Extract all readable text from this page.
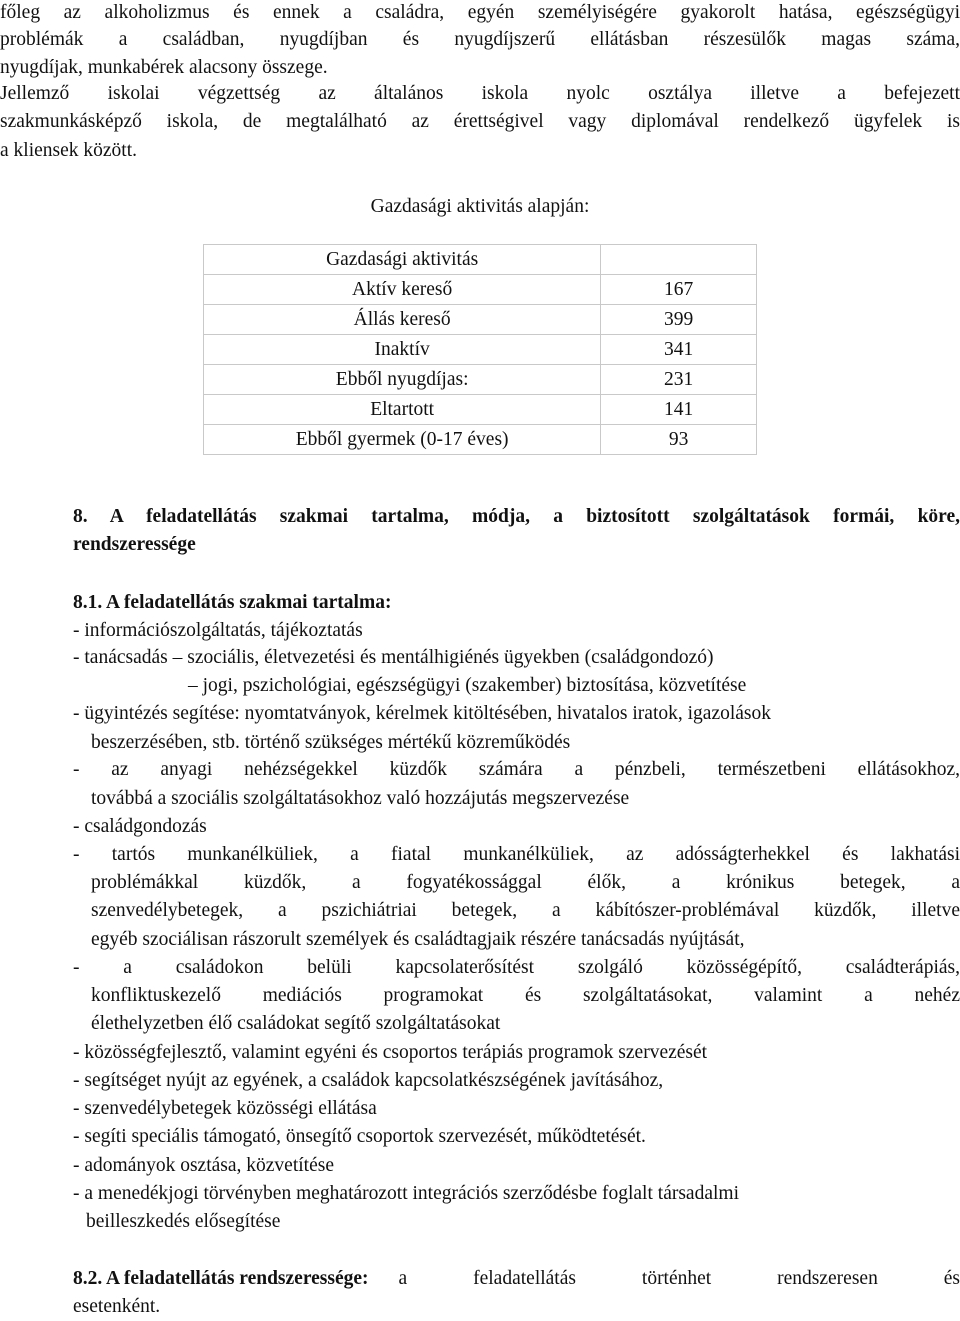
főleg az alkoholizmus és ennek a családra, egyén személyiségére gyakorolt hatása, egészségügyi
problémák a családban, nyugdíjban és nyugdíjszerű ellátásban részesülők magas száma,
nyugdíjak, munkabérek alacsony összege.
Jellemző iskolai végzettség az általános iskola nyolc osztálya illetve a befejezett
szakmunkásképző iskola, de megtalálható az érettségivel vagy diplomával rendelkező ügyfelek is
a kliensek között.
Gazdasági aktivitás alapján:
Gazdasági aktivitás	
Aktív kereső	167
Állás kereső	399
Inaktív	341
Ebből nyugdíjas:	231
Eltartott	141
Ebből gyermek (0-17 éves)	93
8. A feladatellátás szakmai tartalma, módja, a biztosított szolgáltatások formái, köre,
rendszeressége
8.1. A feladatellátás szakmai tartalma:
- információszolgáltatás, tájékoztatás
- tanácsadás – szociális, életvezetési és mentálhigiénés ügyekben (családgondozó)
– jogi, pszichológiai, egészségügyi (szakember) biztosítása, közvetítése
- ügyintézés segítése: nyomtatványok, kérelmek kitöltésében, hivatalos iratok, igazolások
beszerzésében, stb. történő szükséges mértékű közreműködés
- az anyagi nehézségekkel küzdők számára a pénzbeli, természetbeni ellátásokhoz,
továbbá a szociális szolgáltatásokhoz való hozzájutás megszervezése
- családgondozás
- tartós munkanélküliek, a fiatal munkanélküliek, az adósságterhekkel és lakhatási
problémákkal küzdők, a fogyatékossággal élők, a krónikus betegek, a
szenvedélybetegek, a pszichiátriai betegek, a kábítószer-problémával küzdők, illetve
egyéb szociálisan rászorult személyek és családtagjaik részére tanácsadás nyújtását,
- a családokon belüli kapcsolaterősítést szolgáló közösségépítő, családterápiás,
konfliktuskezelő mediációs programokat és szolgáltatásokat, valamint a nehéz
élethelyzetben élő családokat segítő szolgáltatásokat
- közösségfejlesztő, valamint egyéni és csoportos terápiás programok szervezését
- segítséget nyújt az egyének, a családok kapcsolatkészségének javításához,
- szenvedélybetegek közösségi ellátása
- segíti speciális támogató, önsegítő csoportok szervezését, működtetését.
- adományok osztása, közvetítése
- a menedékjogi törvényben meghatározott integrációs szerződésbe foglalt társadalmi
beilleszkedés elősegítése
8.2. A feladatellátás rendszeressége: a feladatellátás történhet rendszeresen és
esetenként.
